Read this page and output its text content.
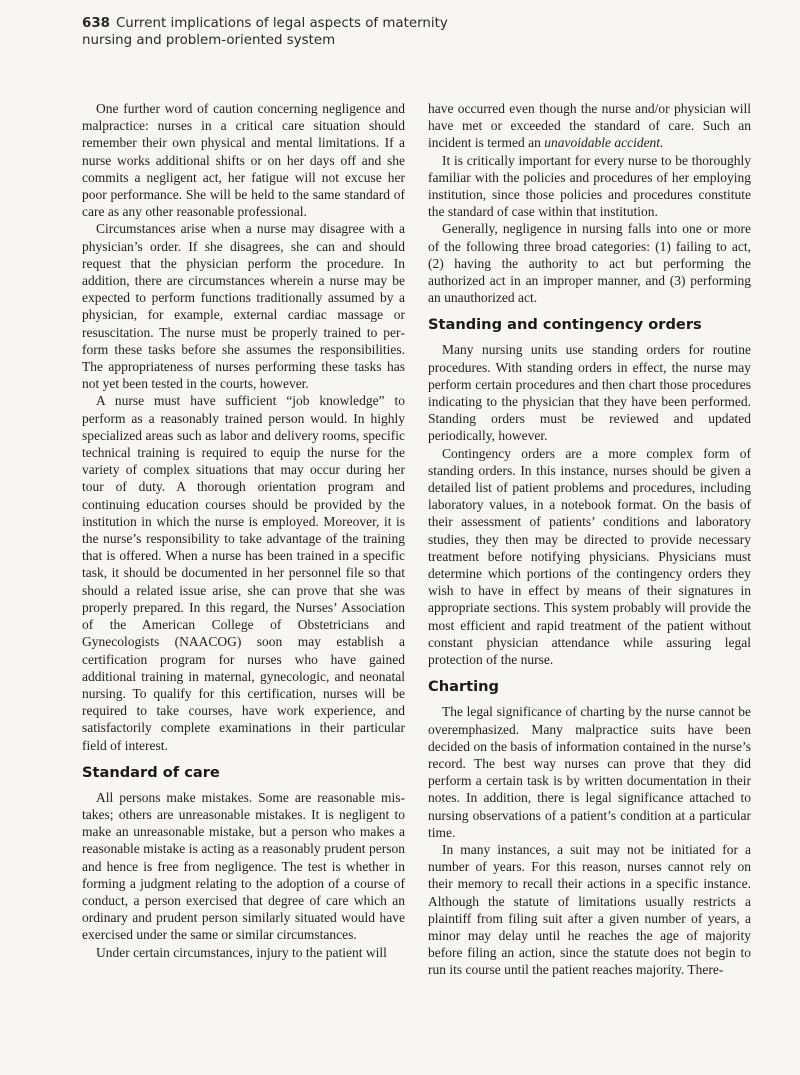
638 Current implications of legal aspects of maternity nursing and problem-oriented system

One further word of caution concerning negligence and malpractice: nurses in a critical care situation should remember their own physical and mental limitations. If a nurse works additional shifts or on her days off and she commits a negligent act, her fatigue will not excuse her poor performance. She will be held to the same standard of care as any other reasonable professional.

Circumstances arise when a nurse may disagree with a physician’s order. If she disagrees, she can and should request that the physician perform the procedure. In addition, there are circumstances wherein a nurse may be expected to perform functions traditionally assumed by a physician, for example, external cardiac massage or resuscitation. The nurse must be properly trained to perform these tasks before she assumes the responsibilities. The appropriateness of nurses performing these tasks has not yet been tested in the courts, however.

A nurse must have sufficient “job knowledge” to perform as a reasonably trained person would. In highly specialized areas such as labor and delivery rooms, specific technical training is required to equip the nurse for the variety of complex situations that may occur during her tour of duty. A thorough orientation program and continuing education courses should be provided by the institution in which the nurse is employed. Moreover, it is the nurse’s responsibility to take advantage of the training that is offered. When a nurse has been trained in a specific task, it should be documented in her personnel file so that should a related issue arise, she can prove that she was properly prepared. In this regard, the Nurses’ Association of the American College of Obstetricians and Gynecologists (NAACOG) soon may establish a certification program for nurses who have gained additional training in maternal, gynecologic, and neonatal nursing. To qualify for this certification, nurses will be required to take courses, have work experience, and satisfactorily complete examinations in their particular field of interest.

Standard of care

All persons make mistakes. Some are reasonable mistakes; others are unreasonable mistakes. It is negligent to make an unreasonable mistake, but a person who makes a reasonable mistake is acting as a reasonably prudent person and hence is free from negligence. The test is whether in forming a judgment relating to the adoption of a course of conduct, a person exercised that degree of care which an ordinary and prudent person similarly situated would have exercised under the same or similar circumstances.

Under certain circumstances, injury to the patient will

have occurred even though the nurse and/or physician will have met or exceeded the standard of care. Such an incident is termed an unavoidable accident.

It is critically important for every nurse to be thoroughly familiar with the policies and procedures of her employing institution, since those policies and procedures constitute the standard of case within that institution.

Generally, negligence in nursing falls into one or more of the following three broad categories: (1) failing to act, (2) having the authority to act but performing the authorized act in an improper manner, and (3) performing an unauthorized act.

Standing and contingency orders

Many nursing units use standing orders for routine procedures. With standing orders in effect, the nurse may perform certain procedures and then chart those procedures indicating to the physician that they have been performed. Standing orders must be reviewed and updated periodically, however.

Contingency orders are a more complex form of standing orders. In this instance, nurses should be given a detailed list of patient problems and procedures, including laboratory values, in a notebook format. On the basis of their assessment of patients’ conditions and laboratory studies, they then may be directed to provide necessary treatment before notifying physicians. Physicians must determine which portions of the contingency orders they wish to have in effect by means of their signatures in appropriate sections. This system probably will provide the most efficient and rapid treatment of the patient without constant physician attendance while assuring legal protection of the nurse.

Charting

The legal significance of charting by the nurse cannot be overemphasized. Many malpractice suits have been decided on the basis of information contained in the nurse’s record. The best way nurses can prove that they did perform a certain task is by written documentation in their notes. In addition, there is legal significance attached to nursing observations of a patient’s condition at a particular time.

In many instances, a suit may not be initiated for a number of years. For this reason, nurses cannot rely on their memory to recall their actions in a specific instance. Although the statute of limitations usually restricts a plaintiff from filing suit after a given number of years, a minor may delay until he reaches the age of majority before filing an action, since the statute does not begin to run its course until the patient reaches majority. There-
